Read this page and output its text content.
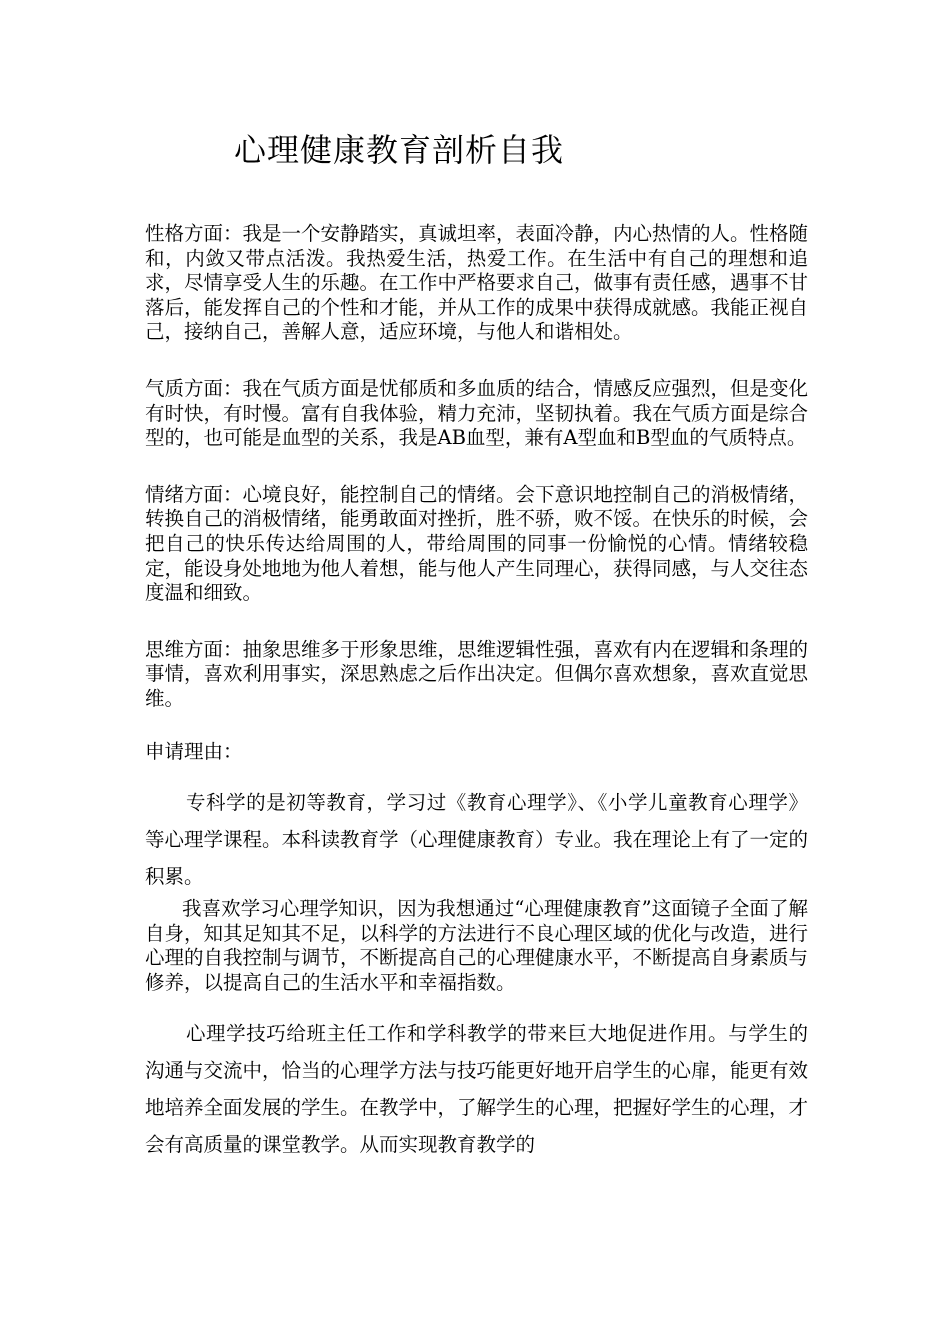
心理健康教育剖析自我

性格方面：我是一个安静踏实，真诚坦率，表面冷静，内心热情的人。性格随和，内敛又带点活泼。我热爱生活，热爱工作。在生活中有自己的理想和追求，尽情享受人生的乐趣。在工作中严格要求自己，做事有责任感，遇事不甘落后，能发挥自己的个性和才能，并从工作的成果中获得成就感。我能正视自己，接纳自己，善解人意，适应环境，与他人和谐相处。

气质方面：我在气质方面是忧郁质和多血质的结合，情感反应强烈，但是变化有时快，有时慢。富有自我体验，精力充沛，坚韧执着。我在气质方面是综合型的，也可能是血型的关系，我是AB血型，兼有A型血和B型血的气质特点。

情绪方面：心境良好，能控制自己的情绪。会下意识地控制自己的消极情绪，转换自己的消极情绪，能勇敢面对挫折，胜不骄，败不馁。在快乐的时候，会把自己的快乐传达给周围的人，带给周围的同事一份愉悦的心情。情绪较稳定，能设身处地地为他人着想，能与他人产生同理心，获得同感，与人交往态度温和细致。

思维方面：抽象思维多于形象思维，思维逻辑性强，喜欢有内在逻辑和条理的事情，喜欢利用事实，深思熟虑之后作出决定。但偶尔喜欢想象，喜欢直觉思维。

申请理由：

专科学的是初等教育，学习过《教育心理学》、《小学儿童教育心理学》等心理学课程。本科读教育学（心理健康教育）专业。我在理论上有了一定的积累。

我喜欢学习心理学知识，因为我想通过“心理健康教育”这面镜子全面了解自身，知其足知其不足，以科学的方法进行不良心理区域的优化与改造，进行心理的自我控制与调节，不断提高自己的心理健康水平，不断提高自身素质与修养，以提高自己的生活水平和幸福指数。

心理学技巧给班主任工作和学科教学的带来巨大地促进作用。与学生的沟通与交流中，恰当的心理学方法与技巧能更好地开启学生的心扉，能更有效地培养全面发展的学生。在教学中，了解学生的心理，把握好学生的心理，才会有高质量的课堂教学。从而实现教育教学的
